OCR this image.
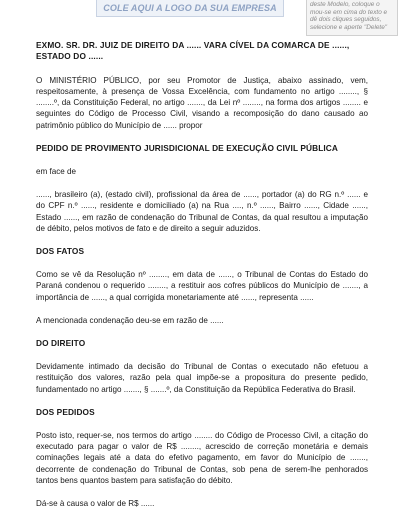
COLE AQUI A LOGO DA SUA EMPRESA	deste Modelo, coloque o mou-se em cima do texto e dê dois cliques seguidos, selecione e aperte "Delete"

EXMO. SR. DR. JUIZ DE DIREITO DA ...... VARA CÍVEL DA COMARCA DE ......, ESTADO DO ......

O MINISTÉRIO PÚBLICO, por seu Promotor de Justiça, abaixo assinado, vem, respeitosamente, à presença de Vossa Excelência, com fundamento no artigo ........, § ........º, da Constituição Federal, no artigo ......., da Lei nº ........, na forma dos artigos ........ e seguintes do Código de Processo Civil, visando a recomposição do dano causado ao patrimônio público do Município de ...... propor

PEDIDO DE PROVIMENTO JURISDICIONAL DE EXECUÇÃO CIVIL PÚBLICA

em face de

......, brasileiro (a), (estado civil), profissional da área de ......, portador (a) do RG n.º ...... e do CPF n.º ......, residente e domiciliado (a) na Rua ...., n.º ......, Bairro ......, Cidade ......, Estado ......, em razão de condenação do Tribunal de Contas, da qual resultou a imputação de débito, pelos motivos de fato e de direito a seguir aduzidos.

DOS FATOS

Como se vê da Resolução nº ........, em data de ......, o Tribunal de Contas do Estado do Paraná condenou o requerido ........, a restituir aos cofres públicos do Município de ......., a importância de ......, a qual corrigida monetariamente até ......, representa ......

A mencionada condenação deu-se em razão de ......

DO DIREITO

Devidamente intimado da decisão do Tribunal de Contas o executado não efetuou a restituição dos valores, razão pela qual impõe-se a propositura do presente pedido, fundamentado no artigo ......., § .......º, da Constituição da República Federativa do Brasil.

DOS PEDIDOS

Posto isto, requer-se, nos termos do artigo ........ do Código de Processo Civil, a citação do executado para pagar o valor de R$ ........, acrescido de correção monetária e demais cominações legais até a data do efetivo pagamento, em favor do Município de ......., decorrente de condenação do Tribunal de Contas, sob pena de serem-lhe penhorados tantos bens quantos bastem para satisfação do débito.

Dá-se à causa o valor de R$ ......
